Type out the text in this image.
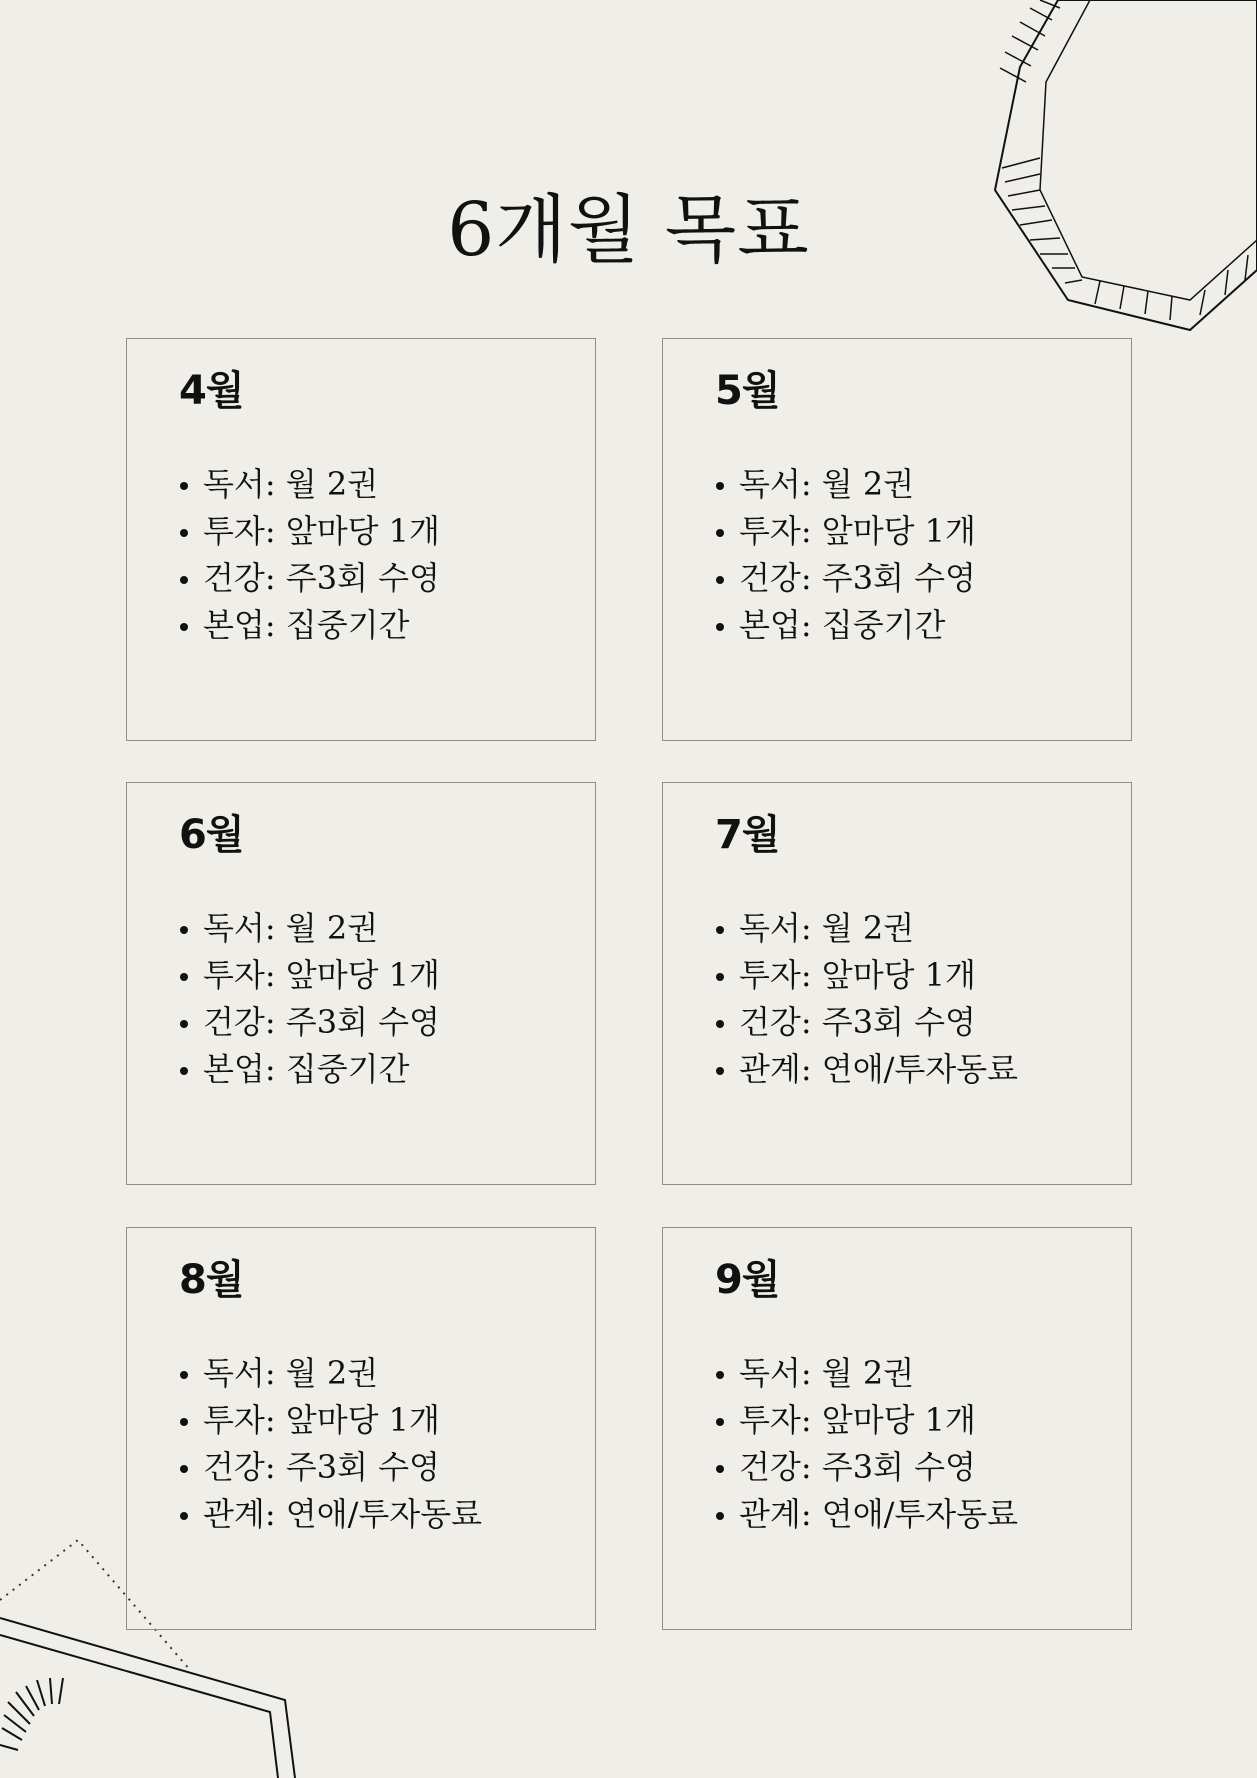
6개월 목표
4월
독서: 월 2권
투자: 앞마당 1개
건강: 주3회 수영
본업: 집중기간
5월
독서: 월 2권
투자: 앞마당 1개
건강: 주3회 수영
본업: 집중기간
6월
독서: 월 2권
투자: 앞마당 1개
건강: 주3회 수영
본업: 집중기간
7월
독서: 월 2권
투자: 앞마당 1개
건강: 주3회 수영
관계: 연애/투자동료
8월
독서: 월 2권
투자: 앞마당 1개
건강: 주3회 수영
관계: 연애/투자동료
9월
독서: 월 2권
투자: 앞마당 1개
건강: 주3회 수영
관계: 연애/투자동료
